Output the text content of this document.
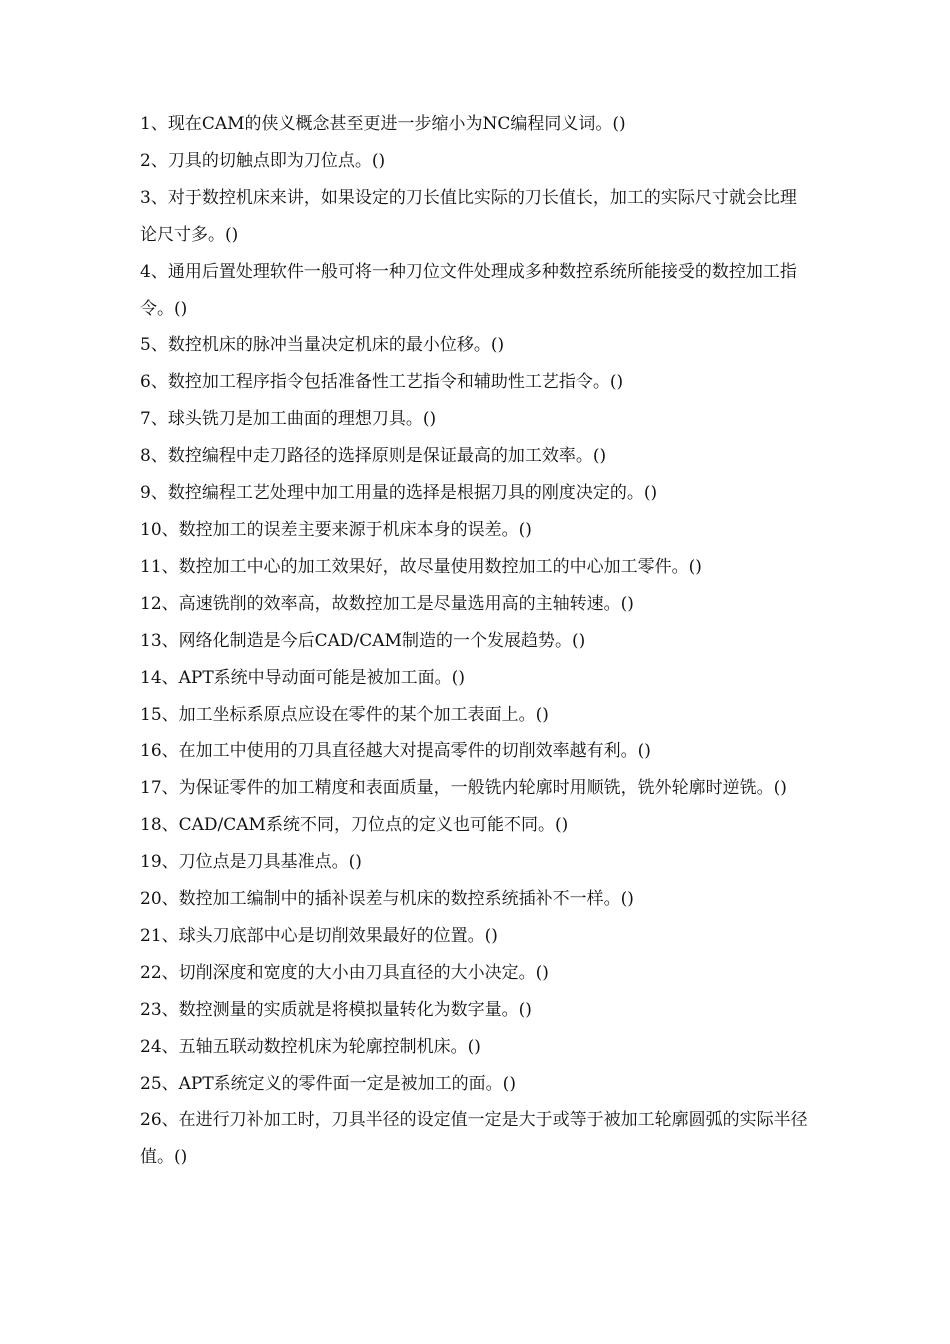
1、现在CAM的侠义概念甚至更进一步缩小为NC编程同义词。()

2、刀具的切触点即为刀位点。()

3、对于数控机床来讲，如果设定的刀长值比实际的刀长值长，加工的实际尺寸就会比理论尺寸多。()

4、通用后置处理软件一般可将一种刀位文件处理成多种数控系统所能接受的数控加工指令。()

5、数控机床的脉冲当量决定机床的最小位移。()

6、数控加工程序指令包括准备性工艺指令和辅助性工艺指令。()

7、球头铣刀是加工曲面的理想刀具。()

8、数控编程中走刀路径的选择原则是保证最高的加工效率。()

9、数控编程工艺处理中加工用量的选择是根据刀具的刚度决定的。()

10、数控加工的误差主要来源于机床本身的误差。()

11、数控加工中心的加工效果好，故尽量使用数控加工的中心加工零件。()

12、高速铣削的效率高，故数控加工是尽量选用高的主轴转速。()

13、网络化制造是今后CAD/CAM制造的一个发展趋势。()

14、APT系统中导动面可能是被加工面。()

15、加工坐标系原点应设在零件的某个加工表面上。()

16、在加工中使用的刀具直径越大对提高零件的切削效率越有利。()

17、为保证零件的加工精度和表面质量，一般铣内轮廓时用顺铣，铣外轮廓时逆铣。()

18、CAD/CAM系统不同，刀位点的定义也可能不同。()

19、刀位点是刀具基准点。()

20、数控加工编制中的插补误差与机床的数控系统插补不一样。()

21、球头刀底部中心是切削效果最好的位置。()

22、切削深度和宽度的大小由刀具直径的大小决定。()

23、数控测量的实质就是将模拟量转化为数字量。()

24、五轴五联动数控机床为轮廓控制机床。()

25、APT系统定义的零件面一定是被加工的面。()

26、在进行刀补加工时，刀具半径的设定值一定是大于或等于被加工轮廓圆弧的实际半径值。()
